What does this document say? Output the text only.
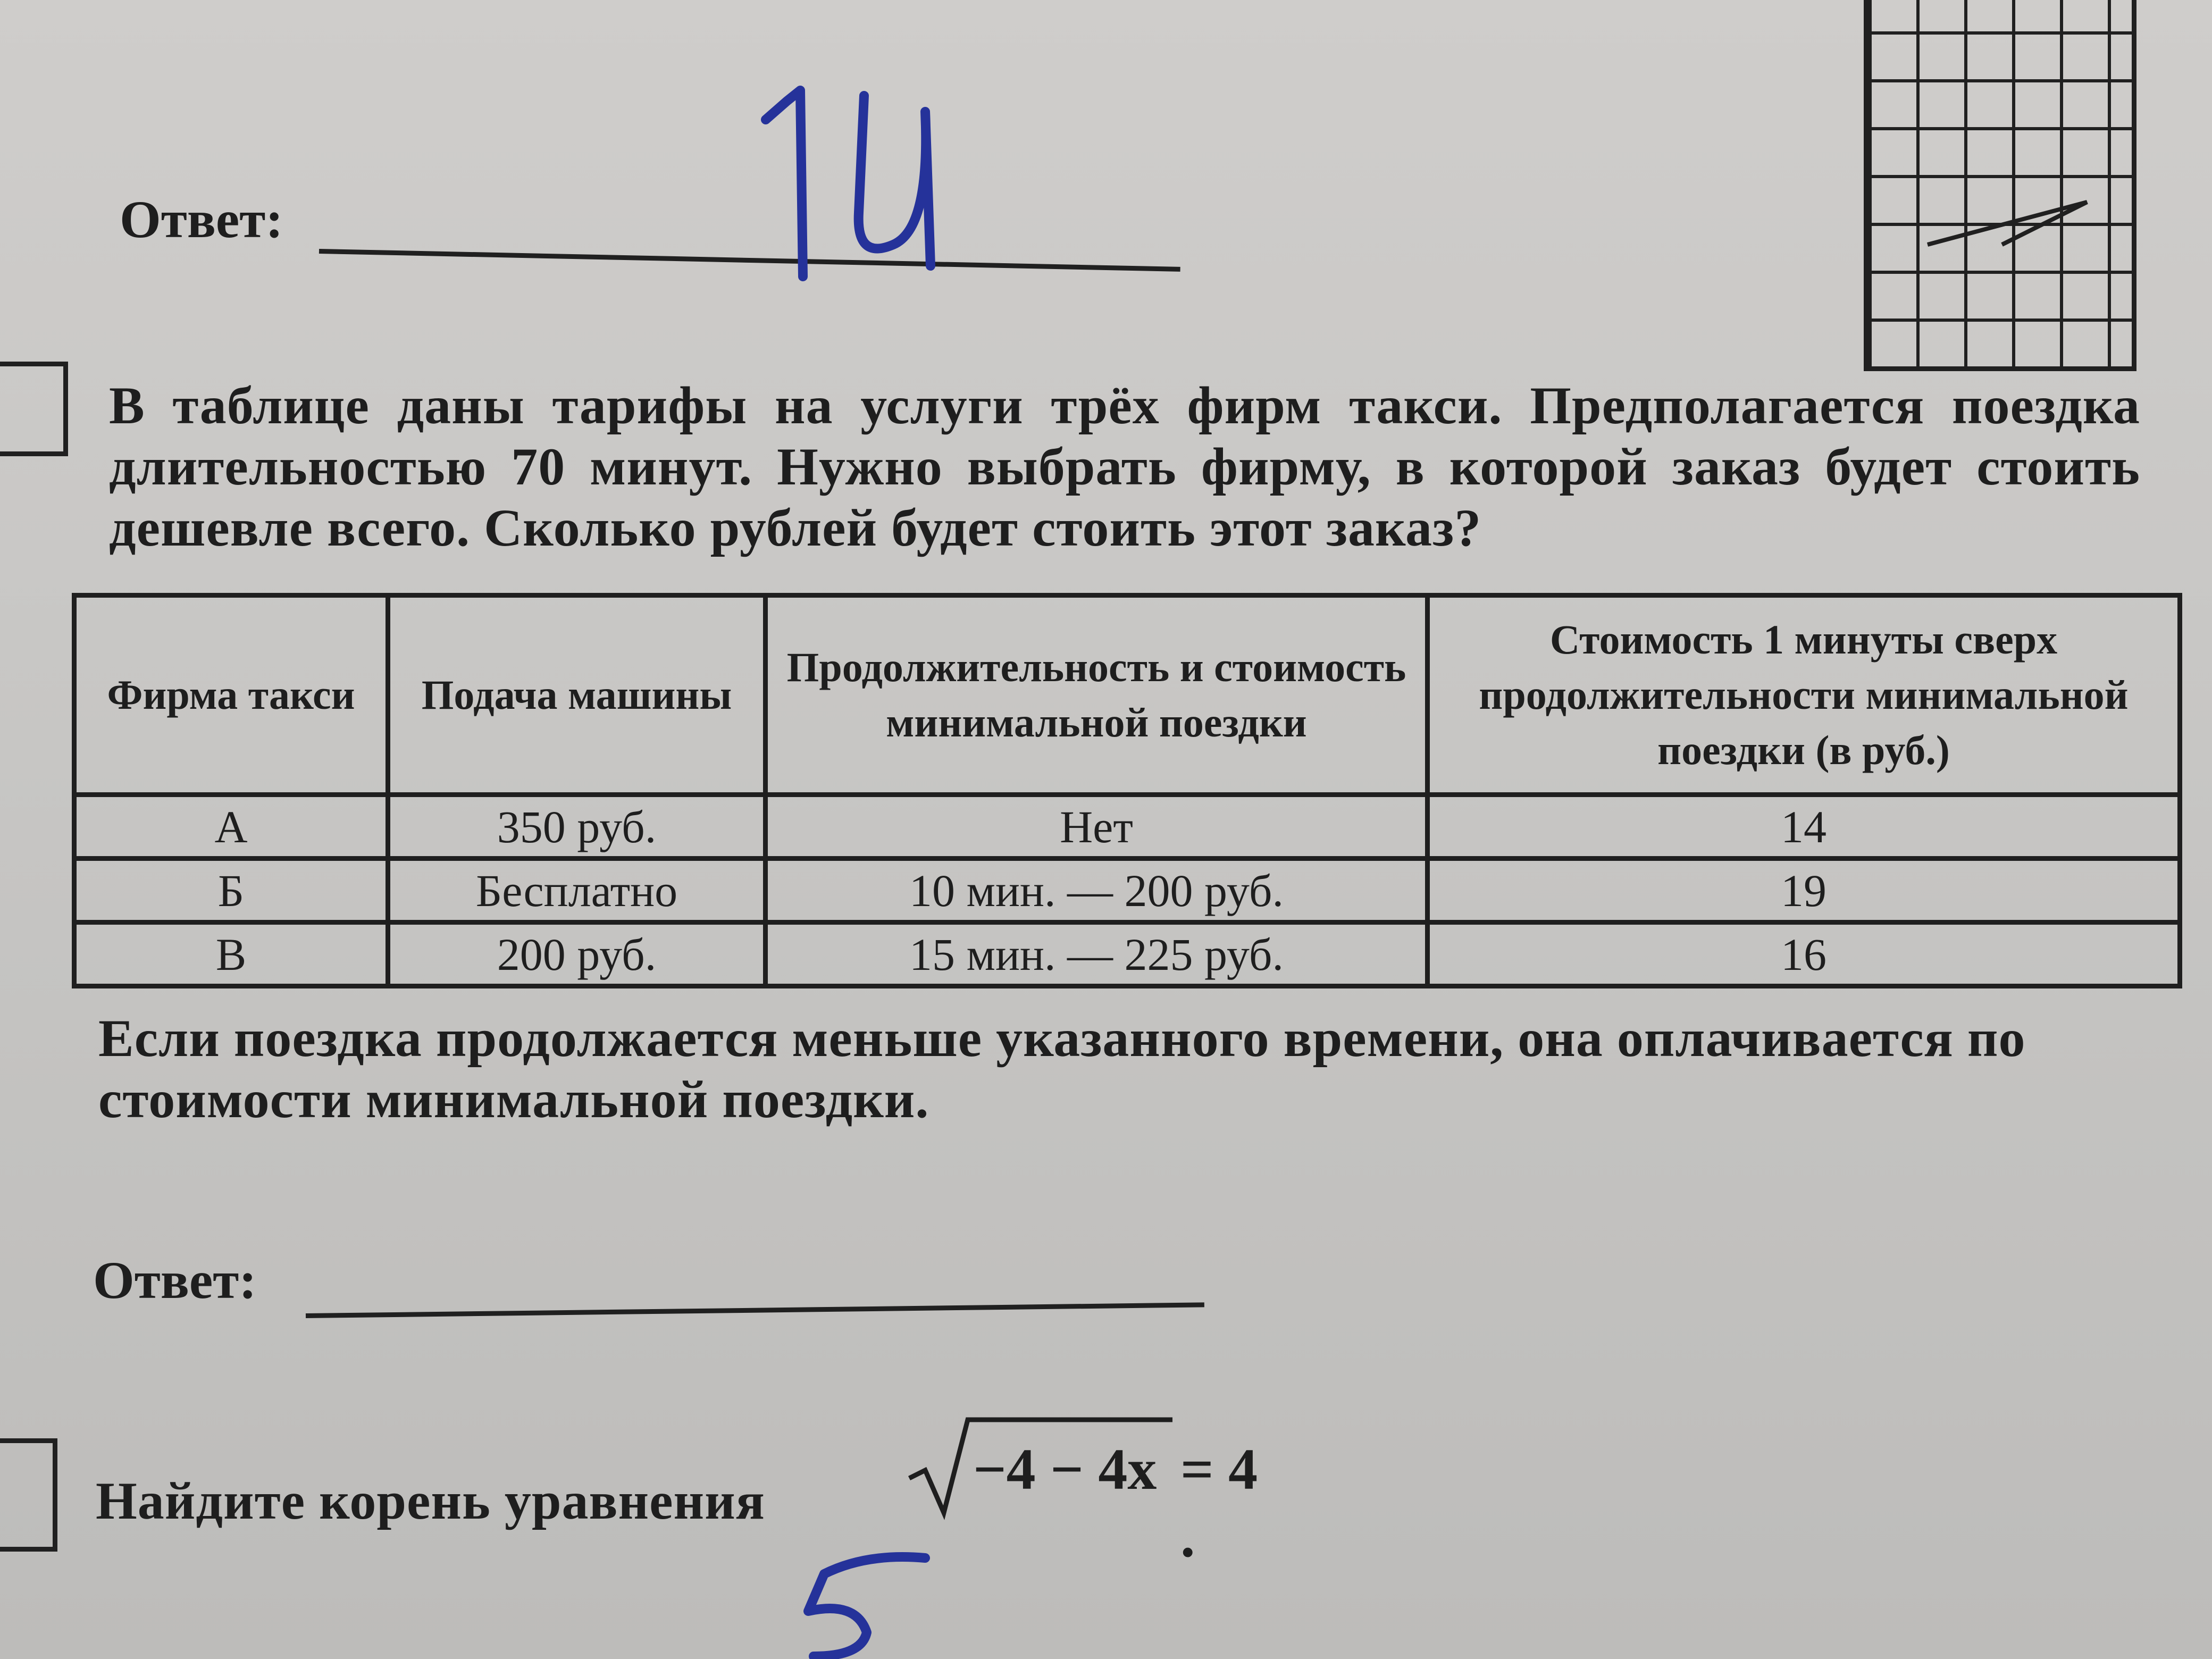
Ответ:
В таблице даны тарифы на услуги трёх фирм такси. Предполагается поездка длительностью 70 минут. Нужно выбрать фирму, в которой заказ будет стоить дешевле всего. Сколько рублей будет стоить этот заказ?
Фирма такси	Подача машины	Продолжительность и стоимость минимальной поездки	Стоимость 1 минуты сверх продолжительности минимальной поездки (в руб.)
А	350 руб.	Нет	14
Б	Бесплатно	10 мин. — 200 руб.	19
В	200 руб.	15 мин. — 225 руб.	16
Если поездка продолжается меньше указанного времени, она оплачивается по стоимости минимальной поездки.
Ответ:
Найдите корень уравнения	−4 − 4x = 4 .
